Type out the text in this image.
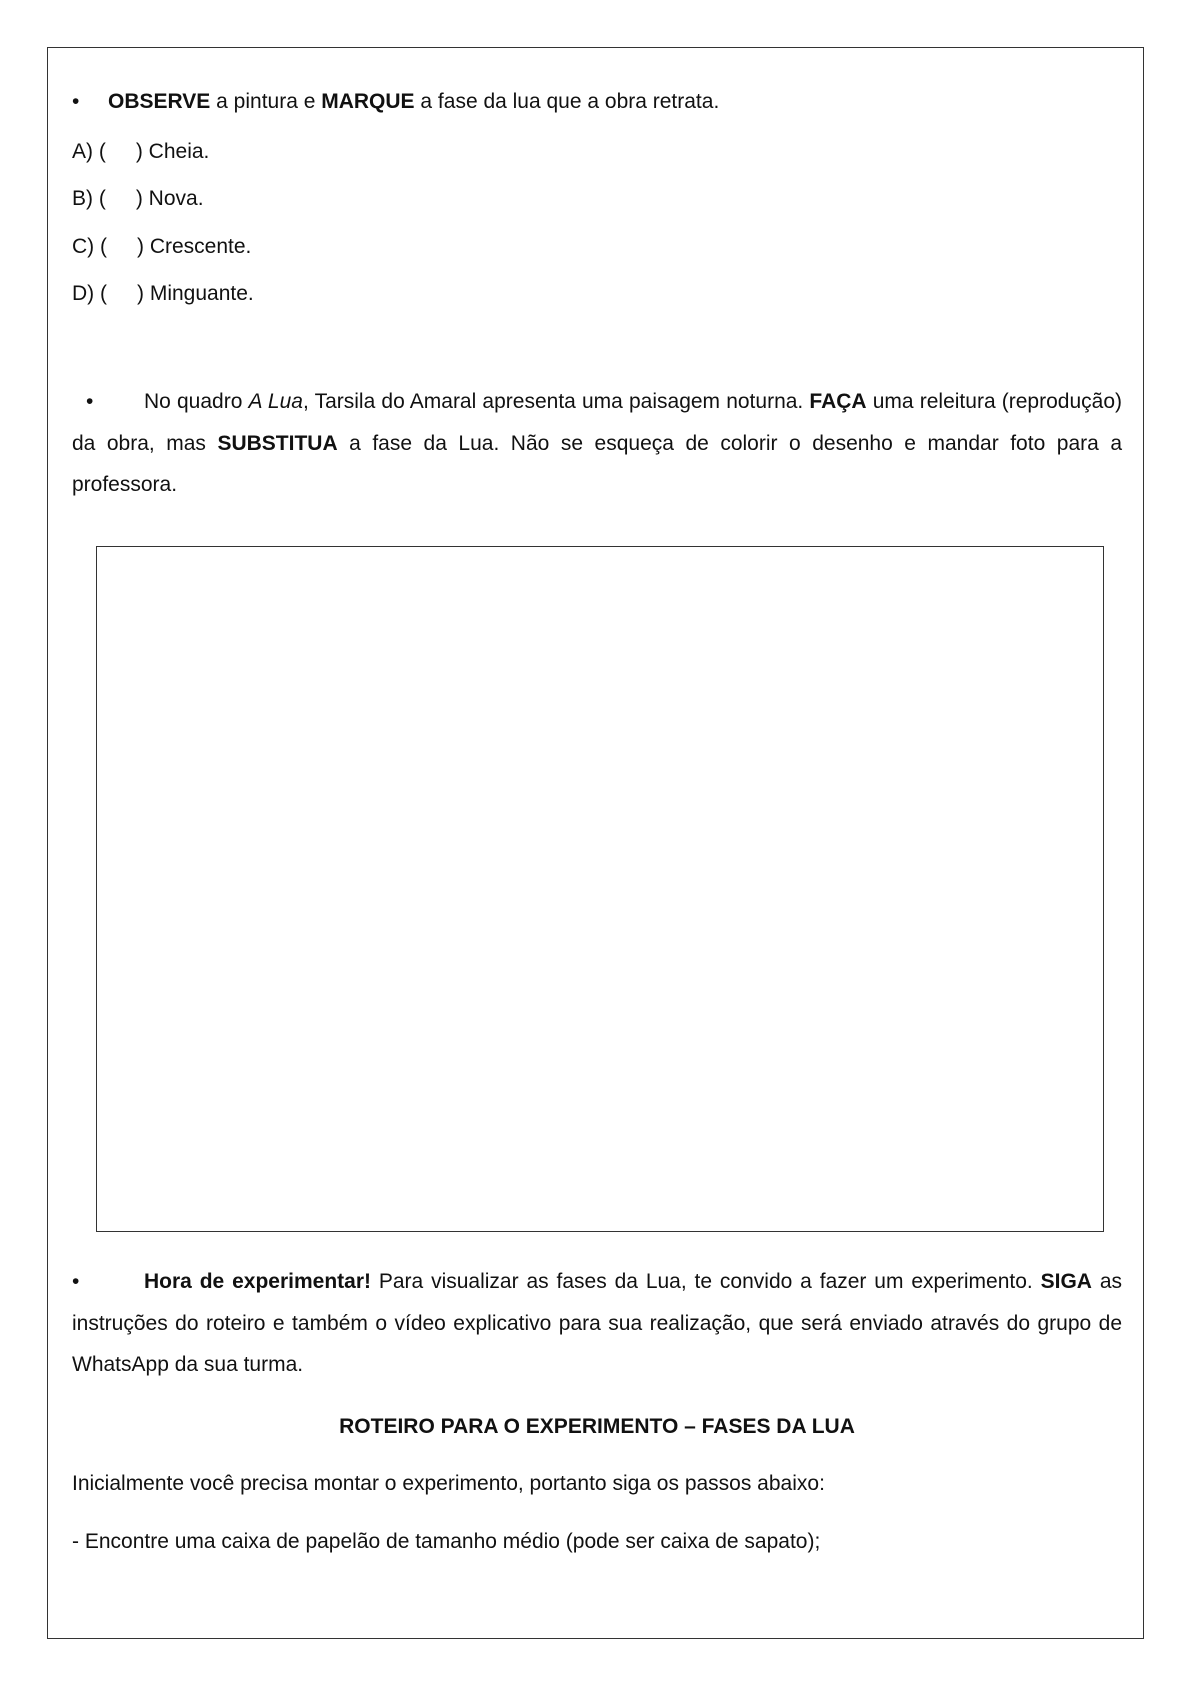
• OBSERVE a pintura e MARQUE a fase da lua que a obra retrata.
A) ( ) Cheia.
B) ( ) Nova.
C) ( ) Crescente.
D) ( ) Minguante.
• No quadro A Lua, Tarsila do Amaral apresenta uma paisagem noturna. FAÇA uma releitura (reprodução) da obra, mas SUBSTITUA a fase da Lua. Não se esqueça de colorir o desenho e mandar foto para a professora.
•	Hora de experimentar! Para visualizar as fases da Lua, te convido a fazer um experimento. SIGA as instruções do roteiro e também o vídeo explicativo para sua realização, que será enviado através do grupo de WhatsApp da sua turma.
ROTEIRO PARA O EXPERIMENTO – FASES DA LUA
Inicialmente você precisa montar o experimento, portanto siga os passos abaixo:
- Encontre uma caixa de papelão de tamanho médio (pode ser caixa de sapato);
